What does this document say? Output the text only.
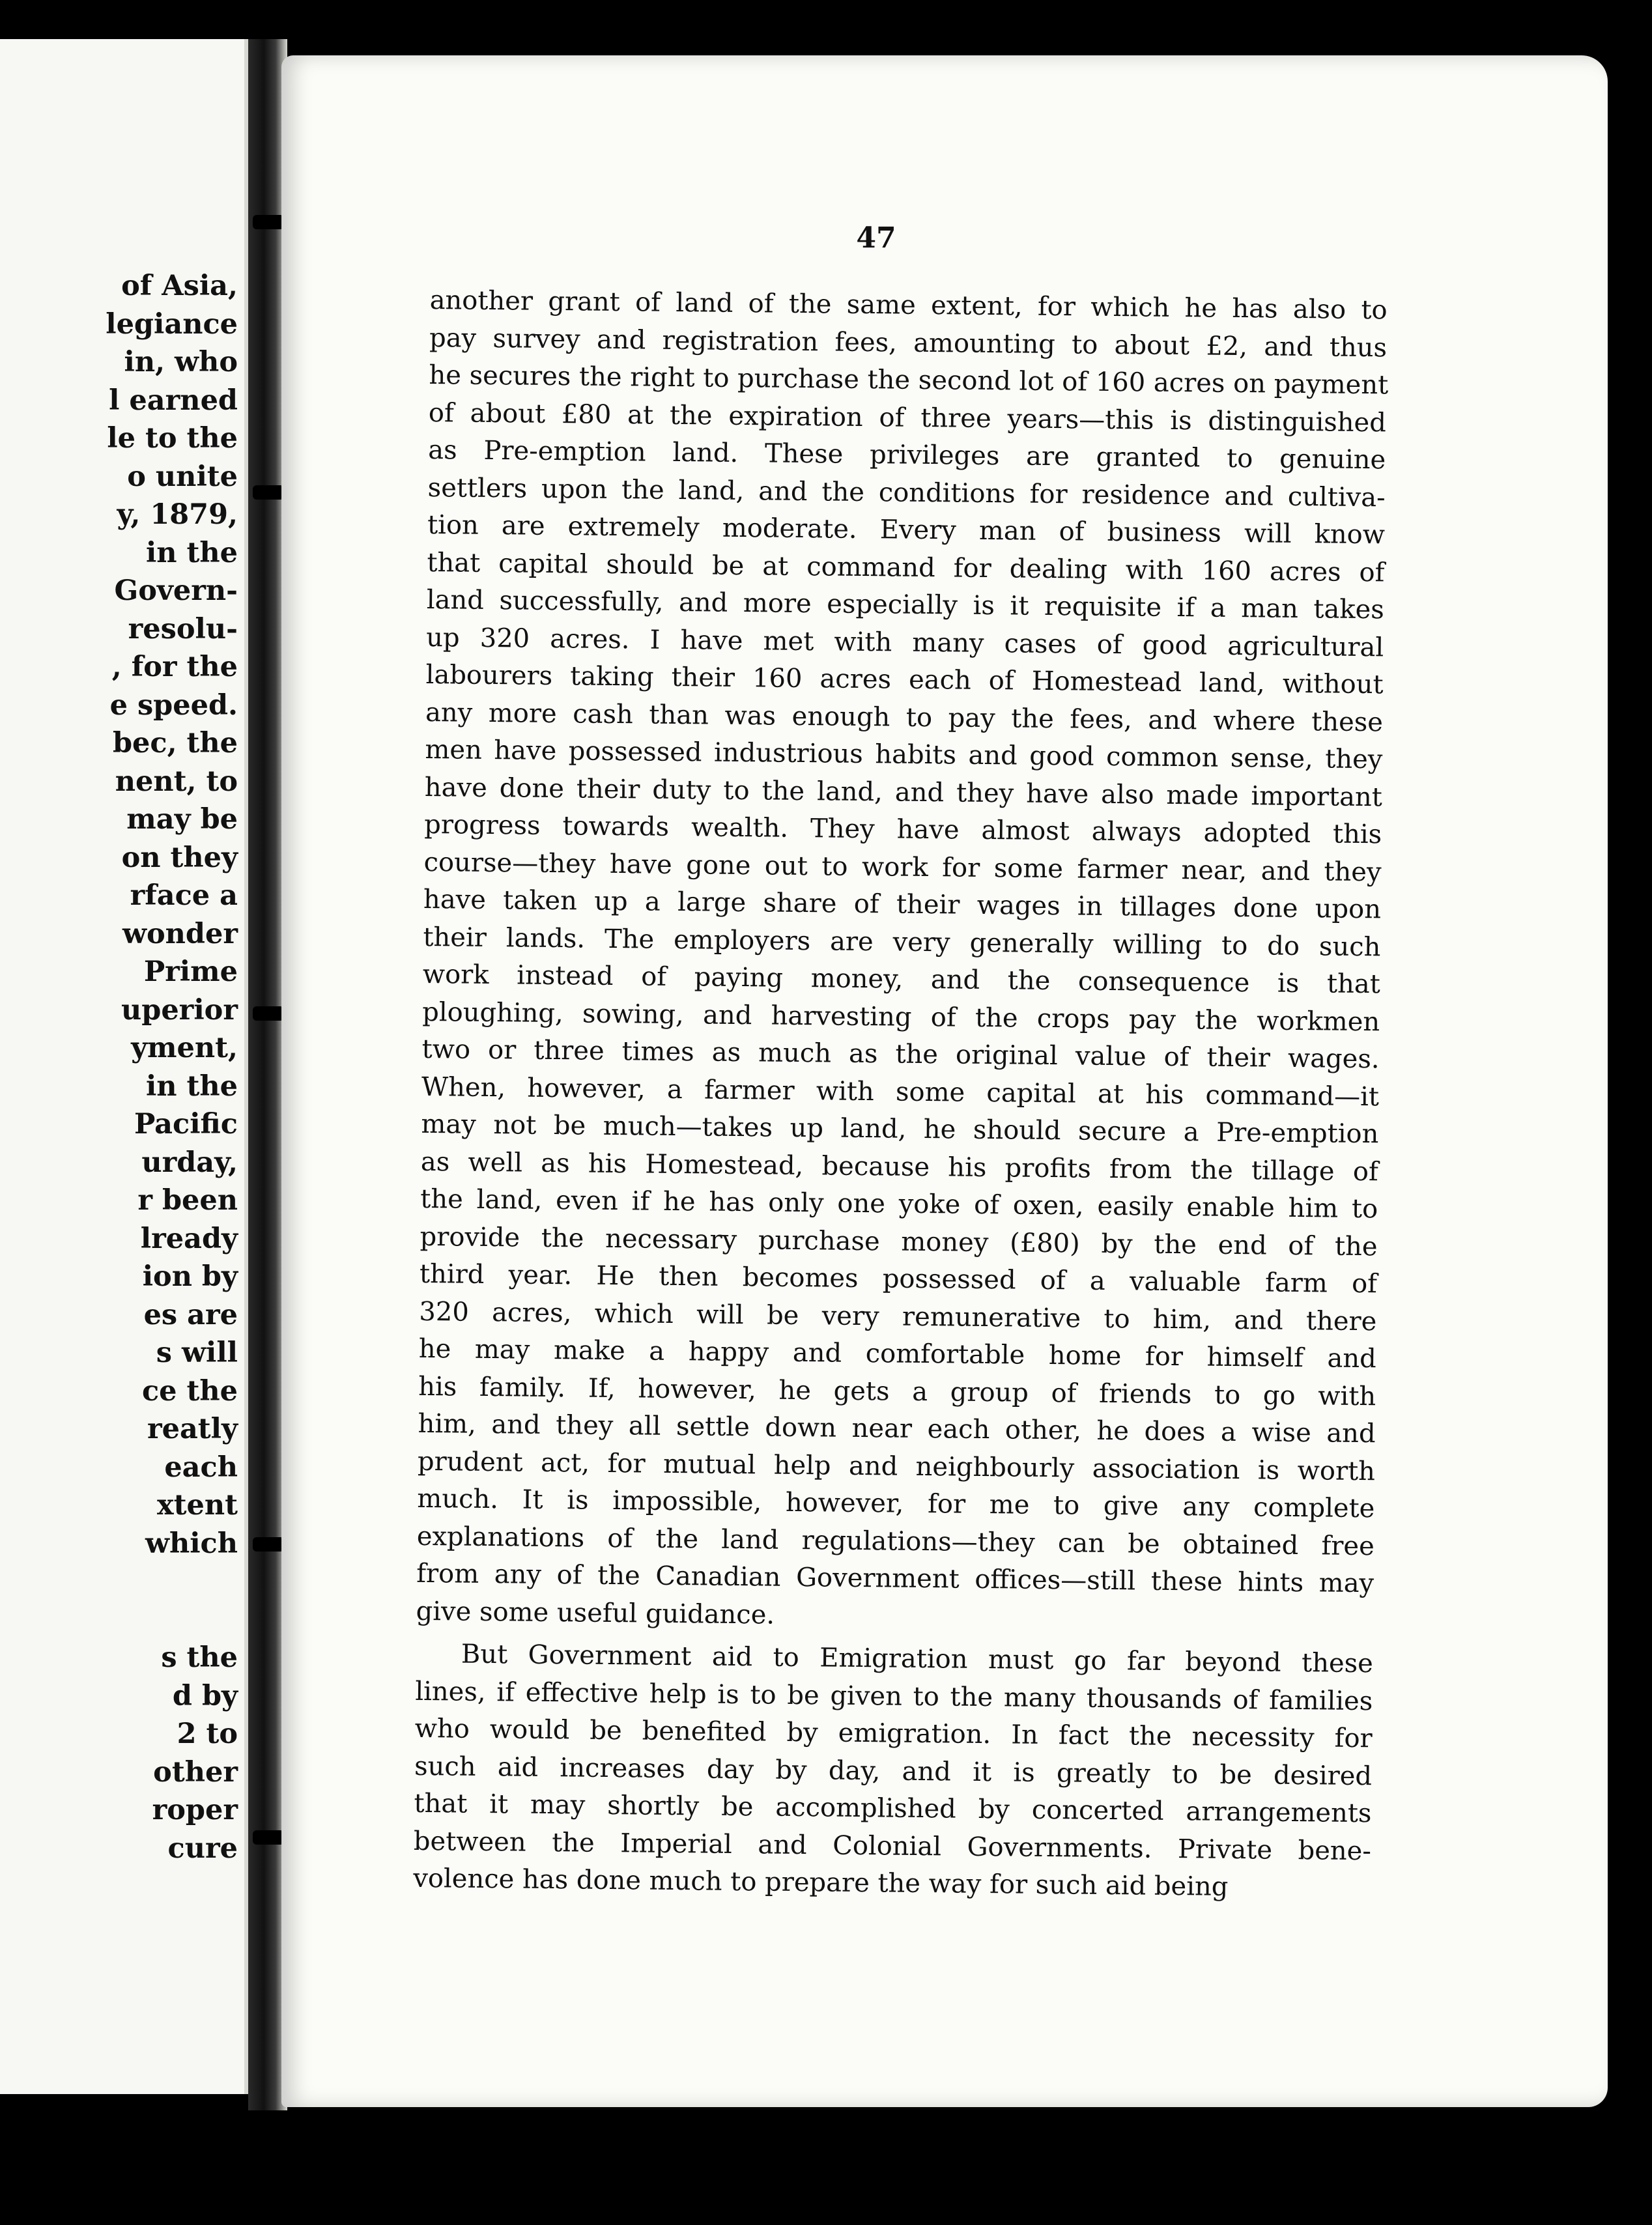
of Asia,
legiance
in, who
l earned
le to the
o unite
y, 1879,
in the
Govern-
resolu-
, for the
e speed.
bec, the
nent, to
may be
on they
rface a
wonder
Prime
uperior
yment,
in the
Pacific
urday,
r been
lready
ion by
es are
s will
ce the
reatly
each
xtent
which
s the
d by
2 to
other
roper
cure
47
another grant of land of the same extent, for which he has also to
pay survey and registration fees, amounting to about £2, and thus
he secures the right to purchase the second lot of 160 acres on payment
of about £80 at the expiration of three years—this is distinguished
as Pre-emption land. These privileges are granted to genuine
settlers upon the land, and the conditions for residence and cultiva-
tion are extremely moderate. Every man of business will know
that capital should be at command for dealing with 160 acres of
land successfully, and more especially is it requisite if a man takes
up 320 acres. I have met with many cases of good agricultural
labourers taking their 160 acres each of Homestead land, without
any more cash than was enough to pay the fees, and where these
men have possessed industrious habits and good common sense, they
have done their duty to the land, and they have also made important
progress towards wealth. They have almost always adopted this
course—they have gone out to work for some farmer near, and they
have taken up a large share of their wages in tillages done upon
their lands. The employers are very generally willing to do such
work instead of paying money, and the consequence is that
ploughing, sowing, and harvesting of the crops pay the workmen
two or three times as much as the original value of their wages.
When, however, a farmer with some capital at his command—it
may not be much—takes up land, he should secure a Pre-emption
as well as his Homestead, because his profits from the tillage of
the land, even if he has only one yoke of oxen, easily enable him to
provide the necessary purchase money (£80) by the end of the
third year. He then becomes possessed of a valuable farm of
320 acres, which will be very remunerative to him, and there
he may make a happy and comfortable home for himself and
his family. If, however, he gets a group of friends to go with
him, and they all settle down near each other, he does a wise and
prudent act, for mutual help and neighbourly association is worth
much. It is impossible, however, for me to give any complete
explanations of the land regulations—they can be obtained free
from any of the Canadian Government offices—still these hints may
give some useful guidance.
But Government aid to Emigration must go far beyond these
lines, if effective help is to be given to the many thousands of families
who would be benefited by emigration. In fact the necessity for
such aid increases day by day, and it is greatly to be desired
that it may shortly be accomplished by concerted arrangements
between the Imperial and Colonial Governments. Private bene-
volence has done much to prepare the way for such aid being
